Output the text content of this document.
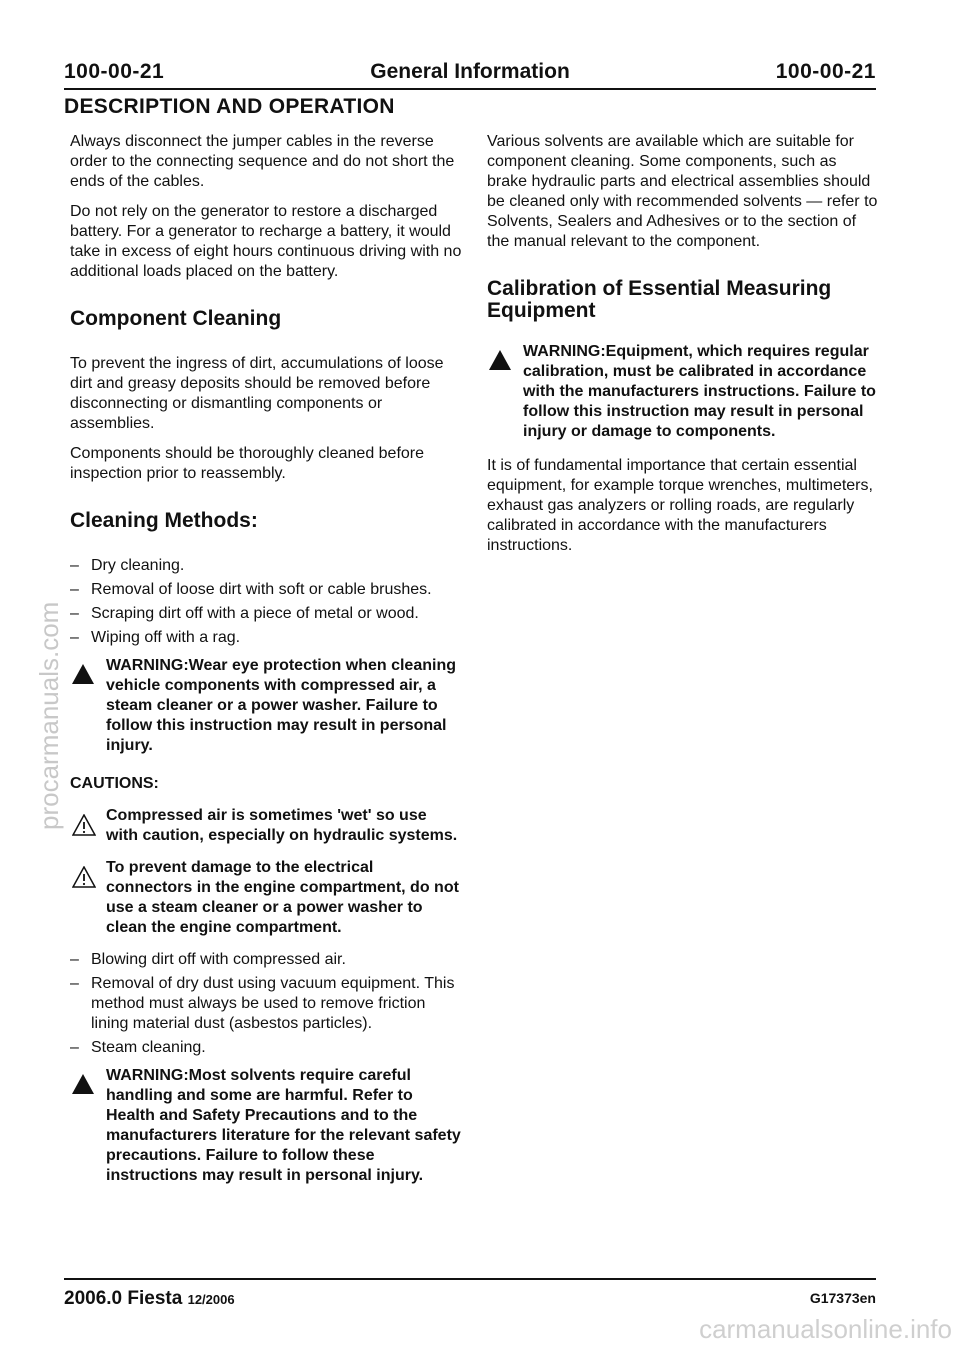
100-00-21	General Information	100-00-21
DESCRIPTION AND OPERATION

Always disconnect the jumper cables in the reverse order to the connecting sequence and do not short the ends of the cables.

Do not rely on the generator to restore a discharged battery. For a generator to recharge a battery, it would take in excess of eight hours continuous driving with no additional loads placed on the battery.

Component Cleaning

To prevent the ingress of dirt, accumulations of loose dirt and greasy deposits should be removed before disconnecting or dismantling components or assemblies.

Components should be thoroughly cleaned before inspection prior to reassembly.

Cleaning Methods:
– Dry cleaning.
– Removal of loose dirt with soft or cable brushes.
– Scraping dirt off with a piece of metal or wood.
– Wiping off with a rag.
WARNING:Wear eye protection when cleaning vehicle components with compressed air, a steam cleaner or a power washer. Failure to follow this instruction may result in personal injury.
CAUTIONS:
Compressed air is sometimes 'wet' so use with caution, especially on hydraulic systems.
To prevent damage to the electrical connectors in the engine compartment, do not use a steam cleaner or a power washer to clean the engine compartment.
– Blowing dirt off with compressed air.
– Removal of dry dust using vacuum equipment. This method must always be used to remove friction lining material dust (asbestos particles).
– Steam cleaning.
WARNING:Most solvents require careful handling and some are harmful. Refer to Health and Safety Precautions and to the manufacturers literature for the relevant safety precautions. Failure to follow these instructions may result in personal injury.

Various solvents are available which are suitable for component cleaning. Some components, such as brake hydraulic parts and electrical assemblies should be cleaned only with recommended solvents — refer to Solvents, Sealers and Adhesives or to the section of the manual relevant to the component.

Calibration of Essential Measuring Equipment
WARNING:Equipment, which requires regular calibration, must be calibrated in accordance with the manufacturers instructions. Failure to follow this instruction may result in personal injury or damage to components.

It is of fundamental importance that certain essential equipment, for example torque wrenches, multimeters, exhaust gas analyzers or rolling roads, are regularly calibrated in accordance with the manufacturers instructions.

2006.0 Fiesta 12/2006	G17373en
procarmanuals.com
carmanualsonline.info
